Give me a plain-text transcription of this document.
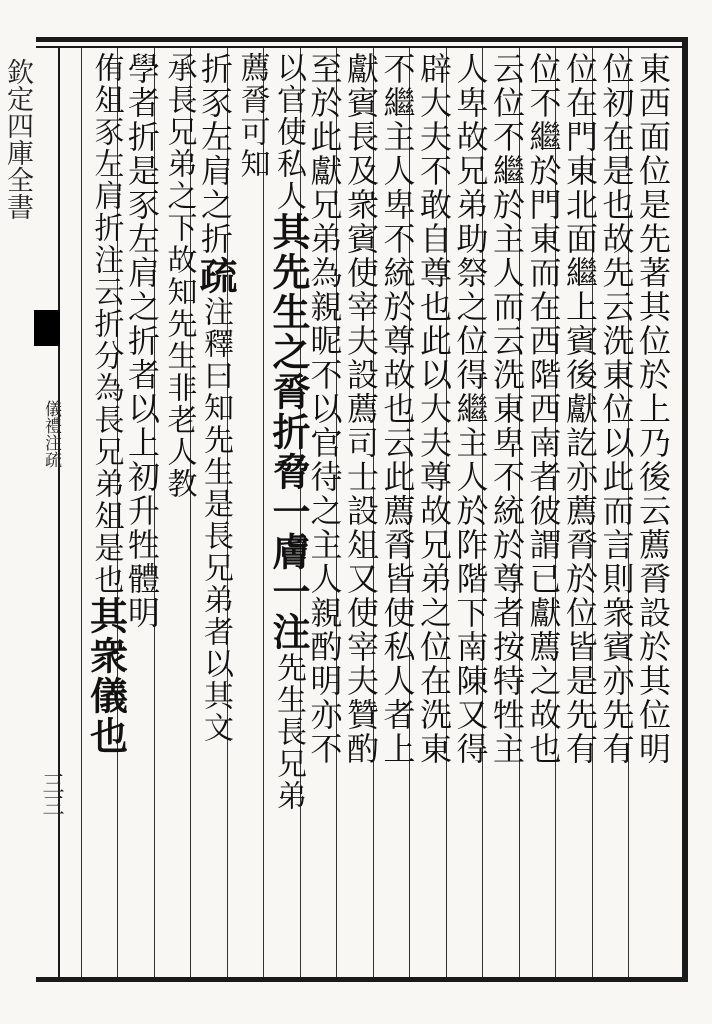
欽定四庫全書
儀禮注疏
三三
東西面位是先著其位於上乃後云薦脀設於其位明
位初在是也故先云洗東位以此而言則衆賓亦先有
位在門東北面繼上賓後獻訖亦薦脀於位皆是先有
位不繼於門東而在西階西南者彼謂已獻薦之故也
云位不繼於主人而云洗東卑不統於尊者按特牲主
人卑故兄弟助祭之位得繼主人於阼階下南陳又得
辟大夫不敢自尊也此以大夫尊故兄弟之位在洗東
不繼主人卑不統於尊故也云此薦脀皆使私人者上
獻賓長及衆賓使宰夫設薦司士設俎又使宰夫贊酌
至於此獻兄弟為親昵不以官待之主人親酌明亦不
以官使私人其先生之脀折脅一膚一注先生長兄弟
薦脀可知
折豕左肩之折疏注釋曰知先生是長兄弟者以其文
承長兄弟之下故知先生非老人教
學者折是豕左肩之折者以上初升牲體明
侑俎豕左肩折注云折分為長兄弟俎是也其衆儀也
